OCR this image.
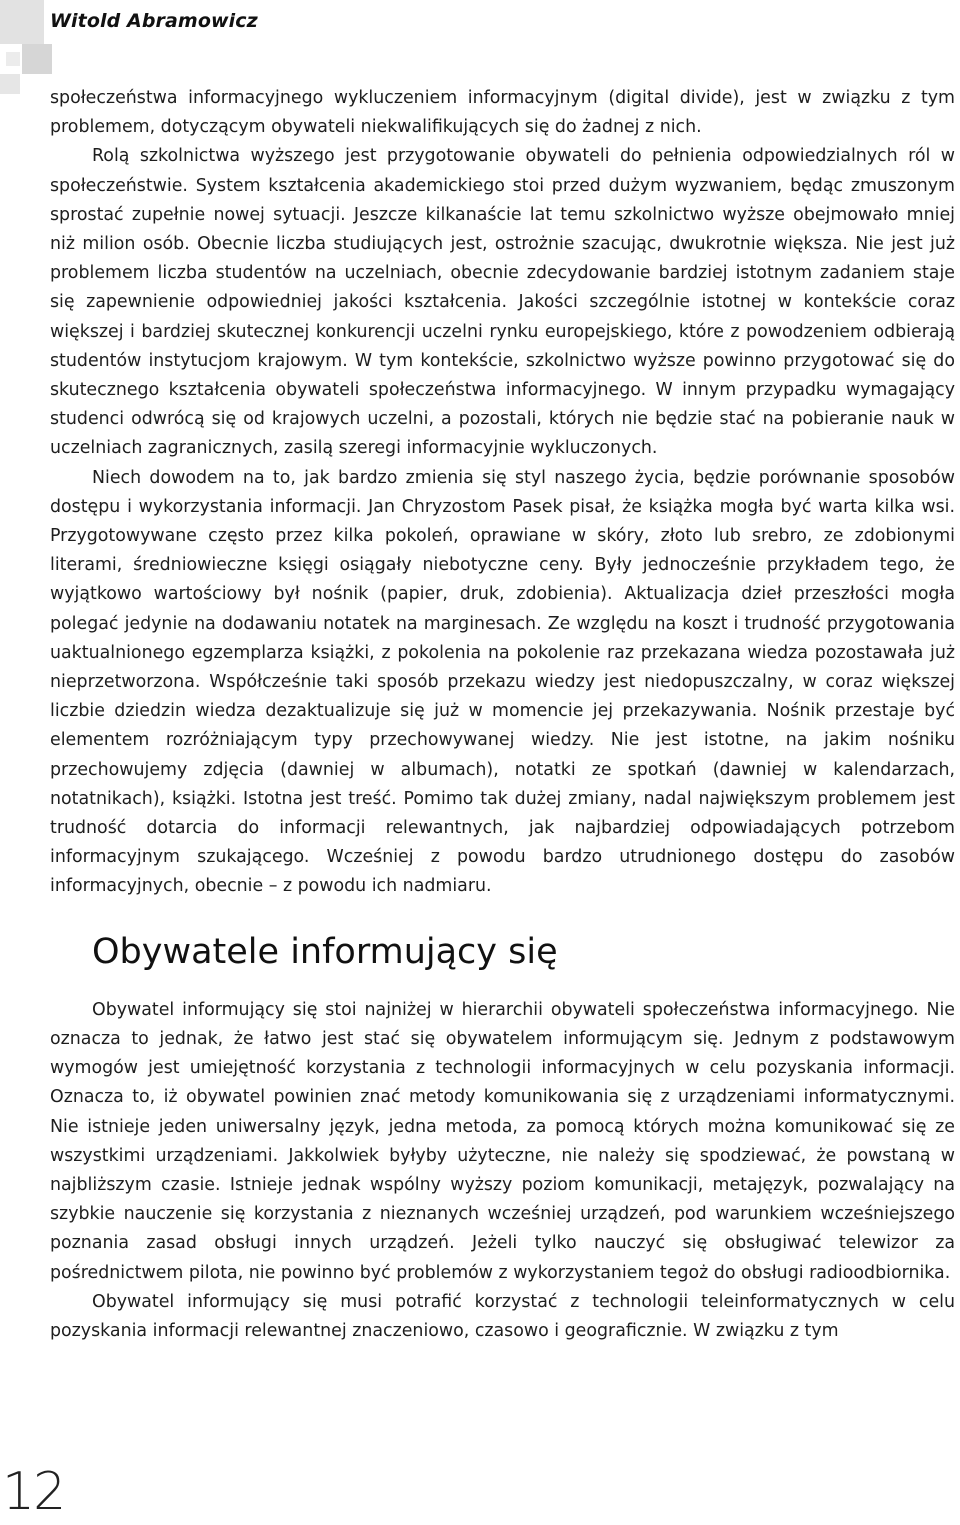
Witold Abramowicz

społeczeństwa informacyjnego wykluczeniem informacyjnym (digital divide), jest w związku z tym problemem, dotyczącym obywateli niekwalifikujących się do żadnej z nich.

Rolą szkolnictwa wyższego jest przygotowanie obywateli do pełnienia odpowiedzialnych ról w społeczeństwie. System kształcenia akademickiego stoi przed dużym wyzwaniem, będąc zmuszonym sprostać zupełnie nowej sytuacji. Jeszcze kilkanaście lat temu szkolnictwo wyższe obejmowało mniej niż milion osób. Obecnie liczba studiujących jest, ostrożnie szacując, dwukrotnie większa. Nie jest już problemem liczba studentów na uczelniach, obecnie zdecydowanie bardziej istotnym zadaniem staje się zapewnienie odpowiedniej jakości kształcenia. Jakości szczególnie istotnej w kontekście coraz większej i bardziej skutecznej konkurencji uczelni rynku europejskiego, które z powodzeniem odbierają studentów instytucjom krajowym. W tym kontekście, szkolnictwo wyższe powinno przygotować się do skutecznego kształcenia obywateli społeczeństwa informacyjnego. W innym przypadku wymagający studenci odwrócą się od krajowych uczelni, a pozostali, których nie będzie stać na pobieranie nauk w uczelniach zagranicznych, zasilą szeregi informacyjnie wykluczonych.

Niech dowodem na to, jak bardzo zmienia się styl naszego życia, będzie porównanie sposobów dostępu i wykorzystania informacji. Jan Chryzostom Pasek pisał, że książka mogła być warta kilka wsi. Przygotowywane często przez kilka pokoleń, oprawiane w skóry, złoto lub srebro, ze zdobionymi literami, średniowieczne księgi osiągały niebotyczne ceny. Były jednocześnie przykładem tego, że wyjątkowo wartościowy był nośnik (papier, druk, zdobienia). Aktualizacja dzieł przeszłości mogła polegać jedynie na dodawaniu notatek na marginesach. Ze względu na koszt i trudność przygotowania uaktualnionego egzemplarza książki, z pokolenia na pokolenie raz przekazana wiedza pozostawała już nieprzetworzona. Współcześnie taki sposób przekazu wiedzy jest niedopuszczalny, w coraz większej liczbie dziedzin wiedza dezaktualizuje się już w momencie jej przekazywania. Nośnik przestaje być elementem rozróżniającym typy przechowywanej wiedzy. Nie jest istotne, na jakim nośniku przechowujemy zdjęcia (dawniej w albumach), notatki ze spotkań (dawniej w kalendarzach, notatnikach), książki. Istotna jest treść. Pomimo tak dużej zmiany, nadal największym problemem jest trudność dotarcia do informacji relewantnych, jak najbardziej odpowiadających potrzebom informacyjnym szukającego. Wcześniej z powodu bardzo utrudnionego dostępu do zasobów informacyjnych, obecnie – z powodu ich nadmiaru.

Obywatele informujący się

Obywatel informujący się stoi najniżej w hierarchii obywateli społeczeństwa informacyjnego. Nie oznacza to jednak, że łatwo jest stać się obywatelem informującym się. Jednym z podstawowym wymogów jest umiejętność korzystania z technologii informacyjnych w celu pozyskania informacji. Oznacza to, iż obywatel powinien znać metody komunikowania się z urządzeniami informatycznymi. Nie istnieje jeden uniwersalny język, jedna metoda, za pomocą których można komunikować się ze wszystkimi urządzeniami. Jakkolwiek byłyby użyteczne, nie należy się spodziewać, że powstaną w najbliższym czasie. Istnieje jednak wspólny wyższy poziom komunikacji, metajęzyk, pozwalający na szybkie nauczenie się korzystania z nieznanych wcześniej urządzeń, pod warunkiem wcześniejszego poznania zasad obsługi innych urządzeń. Jeżeli tylko nauczyć się obsługiwać telewizor za pośrednictwem pilota, nie powinno być problemów z wykorzystaniem tegoż do obsługi radioodbiornika.

Obywatel informujący się musi potrafić korzystać z technologii teleinformatycznych w celu pozyskania informacji relewantnej znaczeniowo, czasowo i geograficznie. W związku z tym

12
